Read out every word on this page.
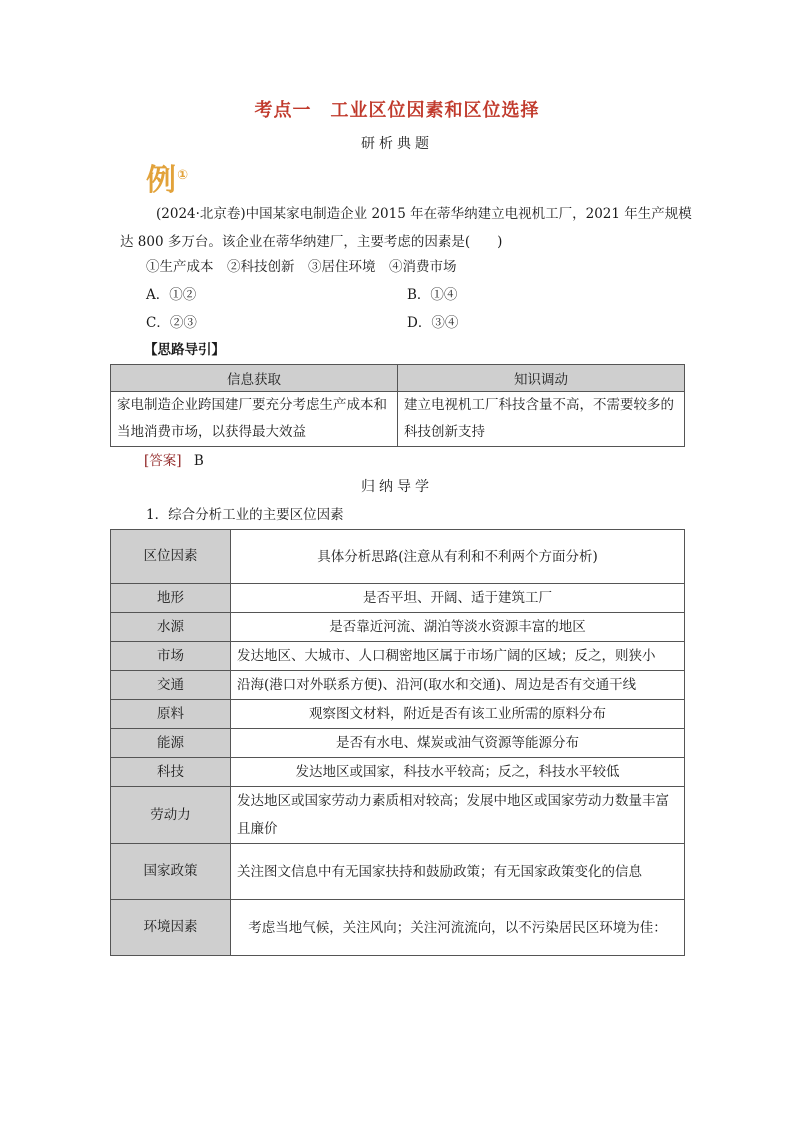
考点一　工业区位因素和区位选择
研析典题
例①
(2024·北京卷)中国某家电制造企业 2015 年在蒂华纳建立电视机工厂，2021 年生产规模达 800 多万台。该企业在蒂华纳建厂，主要考虑的因素是(　　)
①生产成本　②科技创新　③居住环境　④消费市场
A．①②	B．①④
C．②③	D．③④
【思路导引】
信息获取	知识调动
家电制造企业跨国建厂要充分考虑生产成本和当地消费市场，以获得最大效益	建立电视机工厂科技含量不高，不需要较多的科技创新支持
[答案] B
归纳导学
1．综合分析工业的主要区位因素
区位因素	具体分析思路(注意从有利和不利两个方面分析)
地形	是否平坦、开阔、适于建筑工厂
水源	是否靠近河流、湖泊等淡水资源丰富的地区
市场	发达地区、大城市、人口稠密地区属于市场广阔的区域；反之，则狭小
交通	沿海(港口对外联系方便)、沿河(取水和交通)、周边是否有交通干线
原料	观察图文材料，附近是否有该工业所需的原料分布
能源	是否有水电、煤炭或油气资源等能源分布
科技	发达地区或国家，科技水平较高；反之，科技水平较低
劳动力	发达地区或国家劳动力素质相对较高；发展中地区或国家劳动力数量丰富且廉价
国家政策	关注图文信息中有无国家扶持和鼓励政策；有无国家政策变化的信息
环境因素	考虑当地气候，关注风向；关注河流流向，以不污染居民区环境为佳：
